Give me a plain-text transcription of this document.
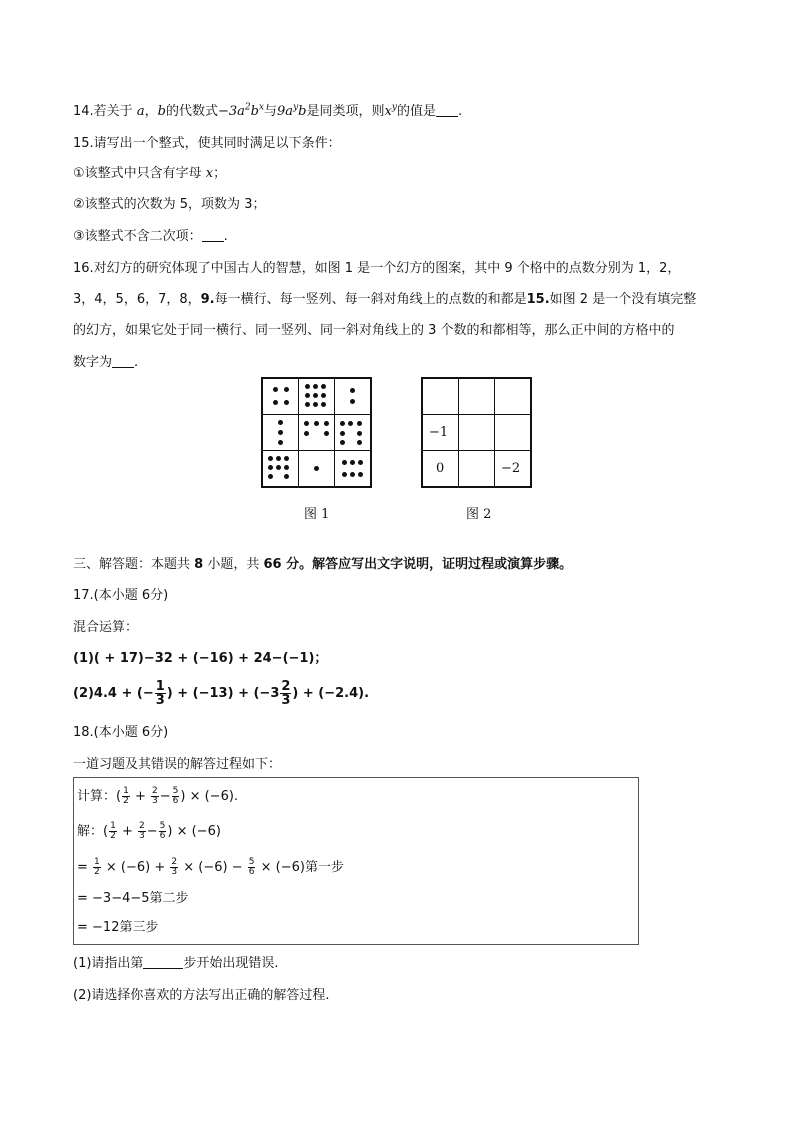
14.若关于 a，b的代数式$-3a^2b^x$与$9a^yb$是同类项，则$x^y$的值是 .
15.请写出一个整式，使其同时满足以下条件：
①该整式中只含有字母 x；
②该整式的次数为 5，项数为 3；
③该整式不含二次项： .
16.对幻方的研究体现了中国古人的智慧，如图 1 是一个幻方的图案，其中 9 个格中的点数分别为 1，2，
3，4，5，6，7，8，9.每一横行、每一竖列、每一斜对角线上的点数的和都是15.如图 2 是一个没有填完整
的幻方，如果它处于同一横行、同一竖列、同一斜对角线上的 3 个数的和都相等，那么正中间的方格中的
数字为 .
图 1
−1
0	−2
图 2
三、解答题：本题共 8 小题，共 66 分。解答应写出文字说明，证明过程或演算步骤。
17.(本小题 6分)
混合运算：
(1)( + 17)−32 + (−16) + 24−(−1)；
(2)4.4 + (− $\frac{1}{3}$ ) + $(-13) + (-3 \frac{2}{3}$ ) + (−2.4).
18.(本小题 6分)
一道习题及其错误的解答过程如下：
计算：( $\frac{1}{2} + \frac{2}{3} - \frac{5}{6}$ ) × (−6).
解：( $\frac{1}{2} + \frac{2}{3} - \frac{5}{6}$ ) × (−6)
= $\frac{1}{2} \times (-6) + \frac{2}{3} \times (-6) - \frac{5}{6} \times (-6)$第一步
= −3−4−5第二步
= −12第三步
(1)请指出第	步开始出现错误.
(2)请选择你喜欢的方法写出正确的解答过程.
